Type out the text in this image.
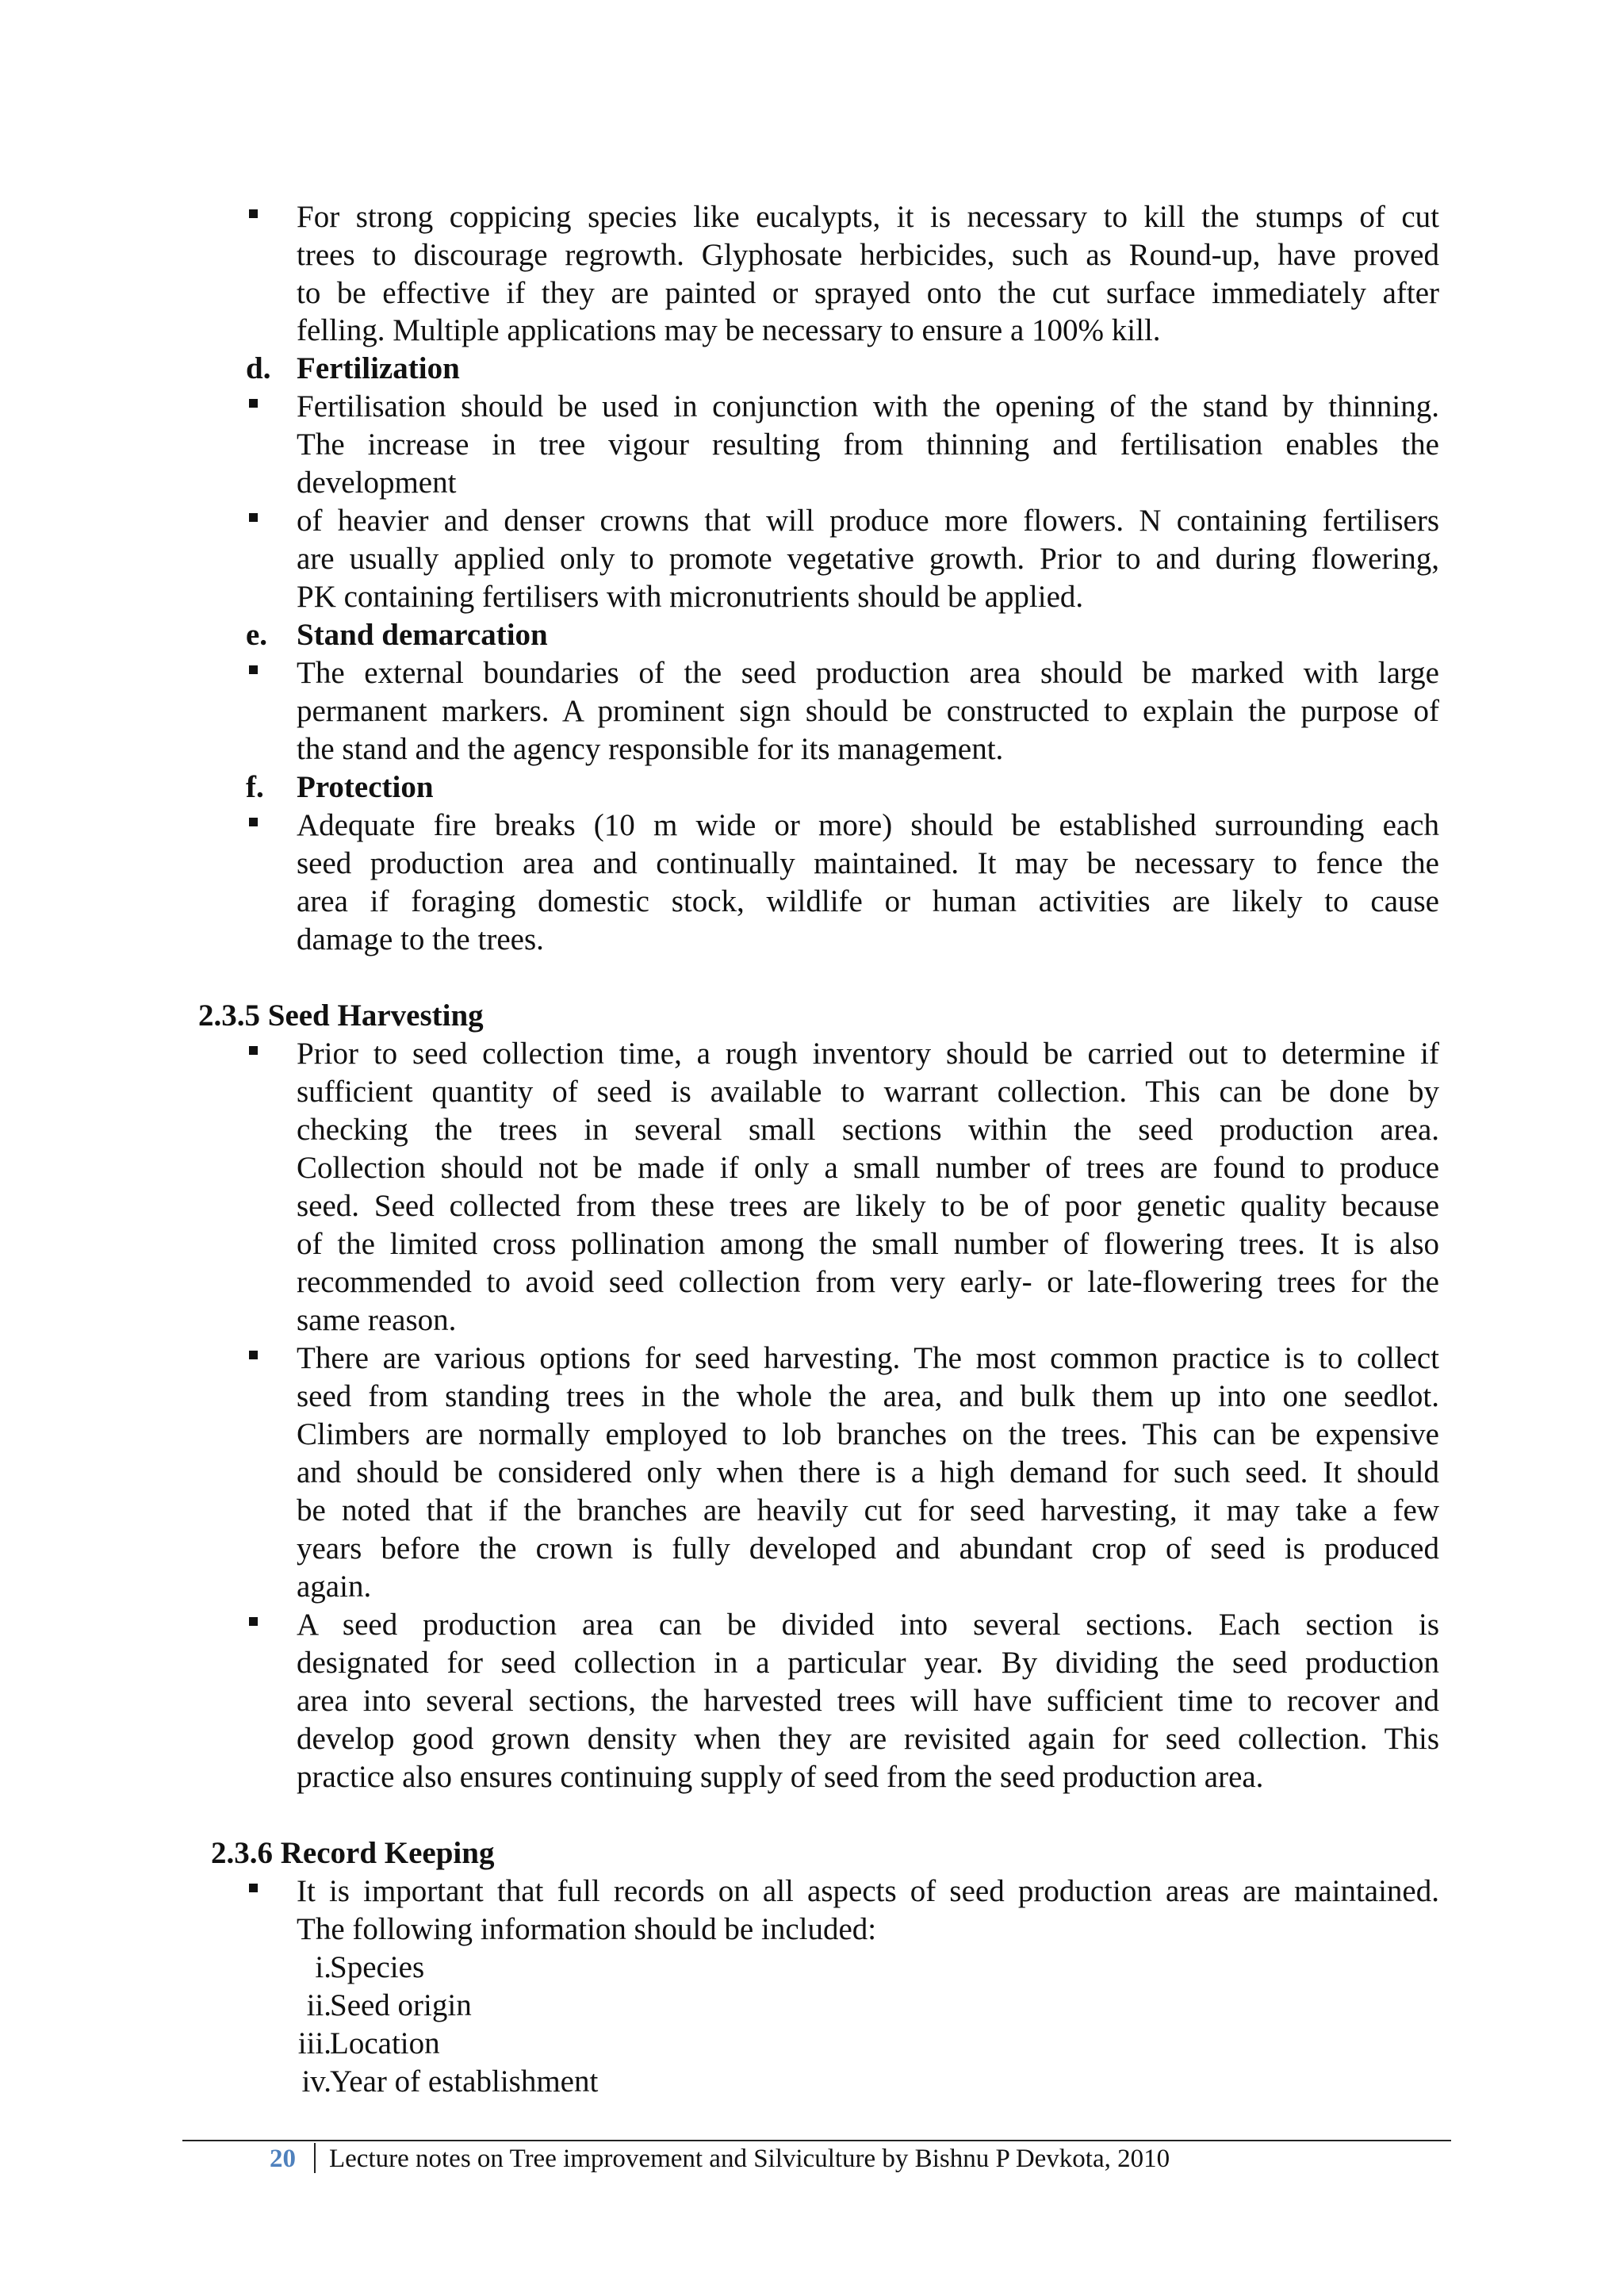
For strong coppicing species like eucalypts, it is necessary to kill the stumps of cut
trees to discourage regrowth. Glyphosate herbicides, such as Round-up, have proved
to be effective if they are painted or sprayed onto the cut surface immediately after
felling. Multiple applications may be necessary to ensure a 100% kill.
d. Fertilization
Fertilisation should be used in conjunction with the opening of the stand by thinning.
The increase in tree vigour resulting from thinning and fertilisation enables the
development
of heavier and denser crowns that will produce more flowers. N containing fertilisers
are usually applied only to promote vegetative growth. Prior to and during flowering,
PK containing fertilisers with micronutrients should be applied.
e. Stand demarcation
The external boundaries of the seed production area should be marked with large
permanent markers. A prominent sign should be constructed to explain the purpose of
the stand and the agency responsible for its management.
f. Protection
Adequate fire breaks (10 m wide or more) should be established surrounding each
seed production area and continually maintained. It may be necessary to fence the
area if foraging domestic stock, wildlife or human activities are likely to cause
damage to the trees.
2.3.5 Seed Harvesting
Prior to seed collection time, a rough inventory should be carried out to determine if
sufficient quantity of seed is available to warrant collection. This can be done by
checking the trees in several small sections within the seed production area.
Collection should not be made if only a small number of trees are found to produce
seed. Seed collected from these trees are likely to be of poor genetic quality because
of the limited cross pollination among the small number of flowering trees. It is also
recommended to avoid seed collection from very early- or late-flowering trees for the
same reason.
There are various options for seed harvesting. The most common practice is to collect
seed from standing trees in the whole the area, and bulk them up into one seedlot.
Climbers are normally employed to lob branches on the trees. This can be expensive
and should be considered only when there is a high demand for such seed. It should
be noted that if the branches are heavily cut for seed harvesting, it may take a few
years before the crown is fully developed and abundant crop of seed is produced
again.
A seed production area can be divided into several sections. Each section is
designated for seed collection in a particular year. By dividing the seed production
area into several sections, the harvested trees will have sufficient time to recover and
develop good grown density when they are revisited again for seed collection. This
practice also ensures continuing supply of seed from the seed production area.
2.3.6 Record Keeping
It is important that full records on all aspects of seed production areas are maintained.
The following information should be included:
i.
Species
ii.
Seed origin
iii.
Location
iv.
Year of establishment
20 Lecture notes on Tree improvement and Silviculture by Bishnu P Devkota, 2010
